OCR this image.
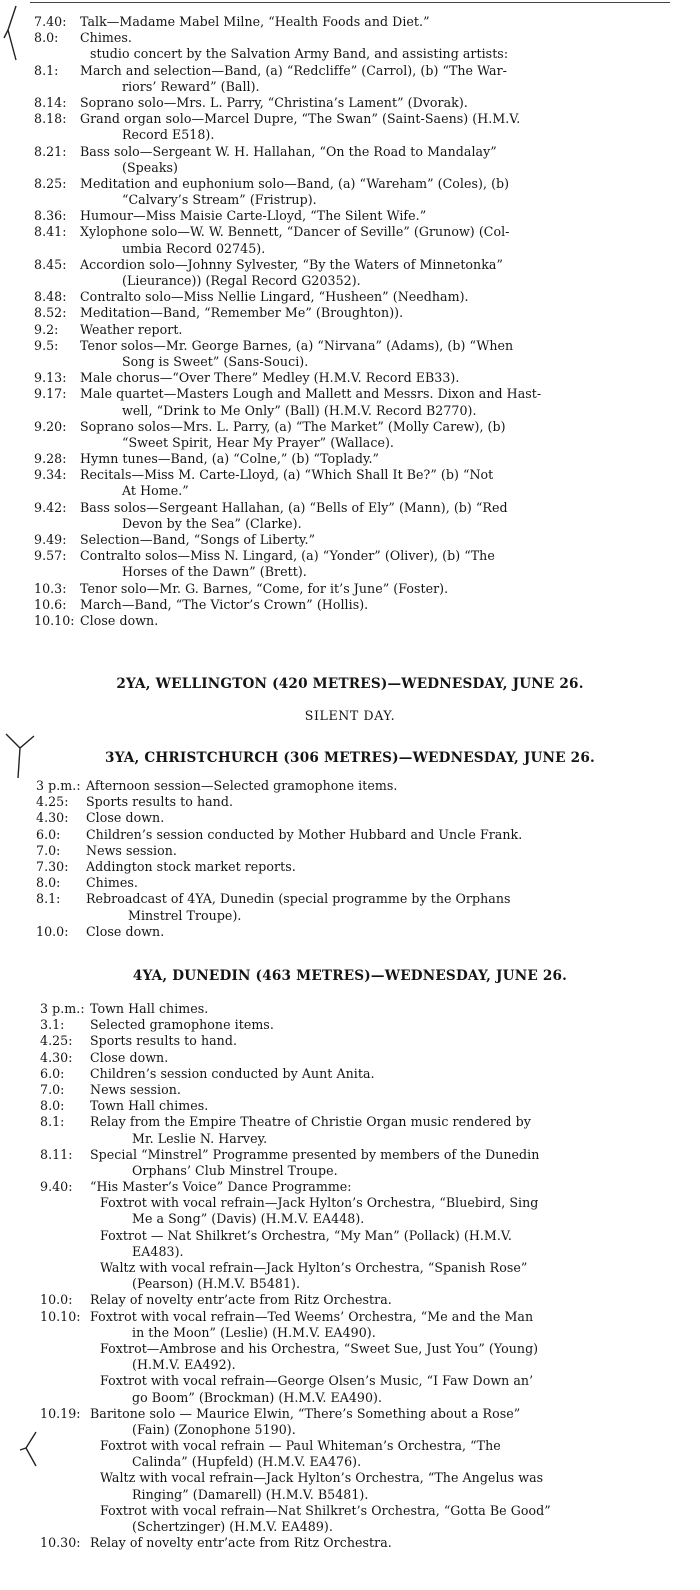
7.40: Talk—Madame Mabel Milne, “Health Foods and Diet.”
8.0: Chimes.
studio concert by the Salvation Army Band, and assisting artists:
8.1: March and selection—Band, (a) “Redcliffe” (Carrol), (b) “The War-
riors’ Reward” (Ball).
8.14: Soprano solo—Mrs. L. Parry, “Christina’s Lament” (Dvorak).
8.18: Grand organ solo—Marcel Dupre, “The Swan” (Saint-Saens) (H.M.V.
Record E518).
8.21: Bass solo—Sergeant W. H. Hallahan, “On the Road to Mandalay”
(Speaks)
8.25: Meditation and euphonium solo—Band, (a) “Wareham” (Coles), (b)
“Calvary’s Stream” (Fristrup).
8.36: Humour—Miss Maisie Carte-Lloyd, “The Silent Wife.”
8.41: Xylophone solo—W. W. Bennett, “Dancer of Seville” (Grunow) (Col-
umbia Record 02745).
8.45: Accordion solo—Johnny Sylvester, “By the Waters of Minnetonka”
(Lieurance)) (Regal Record G20352).
8.48: Contralto solo—Miss Nellie Lingard, “Husheen” (Needham).
8.52: Meditation—Band, “Remember Me” (Broughton)).
9.2: Weather report.
9.5: Tenor solos—Mr. George Barnes, (a) “Nirvana” (Adams), (b) “When
Song is Sweet” (Sans-Souci).
9.13: Male chorus—“Over There” Medley (H.M.V. Record EB33).
9.17: Male quartet—Masters Lough and Mallett and Messrs. Dixon and Hast-
well, “Drink to Me Only” (Ball) (H.M.V. Record B2770).
9.20: Soprano solos—Mrs. L. Parry, (a) “The Market” (Molly Carew), (b)
“Sweet Spirit, Hear My Prayer” (Wallace).
9.28: Hymn tunes—Band, (a) “Colne,” (b) “Toplady.”
9.34: Recitals—Miss M. Carte-Lloyd, (a) “Which Shall It Be?” (b) “Not
At Home.”
9.42: Bass solos—Sergeant Hallahan, (a) “Bells of Ely” (Mann), (b) “Red
Devon by the Sea” (Clarke).
9.49: Selection—Band, “Songs of Liberty.”
9.57: Contralto solos—Miss N. Lingard, (a) “Yonder” (Oliver), (b) “The
Horses of the Dawn” (Brett).
10.3: Tenor solo—Mr. G. Barnes, “Come, for it’s June” (Foster).
10.6: March—Band, “The Victor’s Crown” (Hollis).
10.10: Close down.
2YA, WELLINGTON (420 METRES)—WEDNESDAY, JUNE 26.
SILENT DAY.
3YA, CHRISTCHURCH (306 METRES)—WEDNESDAY, JUNE 26.
3 p.m.: Afternoon session—Selected gramophone items.
4.25: Sports results to hand.
4.30: Close down.
6.0: Children’s session conducted by Mother Hubbard and Uncle Frank.
7.0: News session.
7.30: Addington stock market reports.
8.0: Chimes.
8.1: Rebroadcast of 4YA, Dunedin (special programme by the Orphans
Minstrel Troupe).
10.0: Close down.
4YA, DUNEDIN (463 METRES)—WEDNESDAY, JUNE 26.
3 p.m.: Town Hall chimes.
3.1: Selected gramophone items.
4.25: Sports results to hand.
4.30: Close down.
6.0: Children’s session conducted by Aunt Anita.
7.0: News session.
8.0: Town Hall chimes.
8.1: Relay from the Empire Theatre of Christie Organ music rendered by
Mr. Leslie N. Harvey.
8.11: Special “Minstrel” Programme presented by members of the Dunedin
Orphans’ Club Minstrel Troupe.
9.40: “His Master’s Voice” Dance Programme:
Foxtrot with vocal refrain—Jack Hylton’s Orchestra, “Bluebird, Sing
Me a Song” (Davis) (H.M.V. EA448).
Foxtrot — Nat Shilkret’s Orchestra, “My Man” (Pollack) (H.M.V.
EA483).
Waltz with vocal refrain—Jack Hylton’s Orchestra, “Spanish Rose”
(Pearson) (H.M.V. B5481).
10.0: Relay of novelty entr’acte from Ritz Orchestra.
10.10: Foxtrot with vocal refrain—Ted Weems’ Orchestra, “Me and the Man
in the Moon” (Leslie) (H.M.V. EA490).
Foxtrot—Ambrose and his Orchestra, “Sweet Sue, Just You” (Young)
(H.M.V. EA492).
Foxtrot with vocal refrain—George Olsen’s Music, “I Faw Down an’
go Boom” (Brockman) (H.M.V. EA490).
10.19: Baritone solo — Maurice Elwin, “There’s Something about a Rose”
(Fain) (Zonophone 5190).
Foxtrot with vocal refrain — Paul Whiteman’s Orchestra, “The
Calinda” (Hupfeld) (H.M.V. EA476).
Waltz with vocal refrain—Jack Hylton’s Orchestra, “The Angelus was
Ringing” (Damarell) (H.M.V. B5481).
Foxtrot with vocal refrain—Nat Shilkret’s Orchestra, “Gotta Be Good”
(Schertzinger) (H.M.V. EA489).
10.30: Relay of novelty entr’acte from Ritz Orchestra.
